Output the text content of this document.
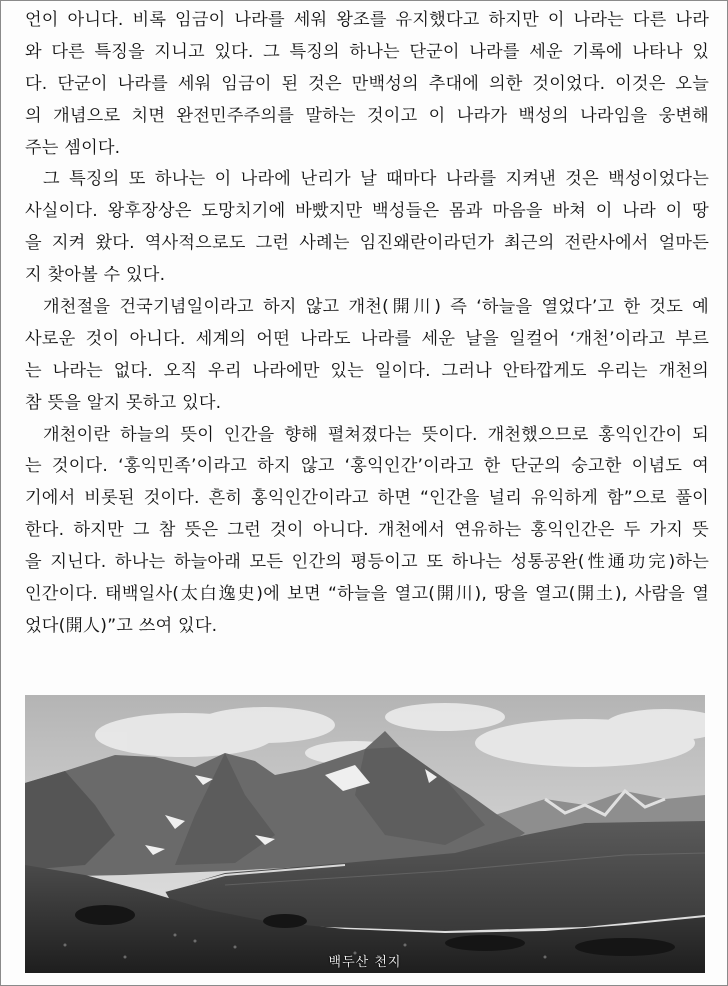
언이 아니다. 비록 임금이 나라를 세워 왕조를 유지했다고 하지만 이 나라는 다른 나라
와 다른 특징을 지니고 있다. 그 특징의 하나는 단군이 나라를 세운 기록에 나타나 있
다. 단군이 나라를 세워 임금이 된 것은 만백성의 추대에 의한 것이었다. 이것은 오늘
의 개념으로 치면 완전민주주의를 말하는 것이고 이 나라가 백성의 나라임을 웅변해
주는 셈이다.
그 특징의 또 하나는 이 나라에 난리가 날 때마다 나라를 지켜낸 것은 백성이었다는
사실이다. 왕후장상은 도망치기에 바빴지만 백성들은 몸과 마음을 바쳐 이 나라 이 땅
을 지켜 왔다. 역사적으로도 그런 사례는 임진왜란이라던가 최근의 전란사에서 얼마든
지 찾아볼 수 있다.
개천절을 건국기념일이라고 하지 않고 개천(開川) 즉 ‘하늘을 열었다’고 한 것도 예
사로운 것이 아니다. 세계의 어떤 나라도 나라를 세운 날을 일컬어 ‘개천’이라고 부르
는 나라는 없다. 오직 우리 나라에만 있는 일이다. 그러나 안타깝게도 우리는 개천의
참 뜻을 알지 못하고 있다.
개천이란 하늘의 뜻이 인간을 향해 펼쳐졌다는 뜻이다. 개천했으므로 홍익인간이 되
는 것이다. ‘홍익민족’이라고 하지 않고 ‘홍익인간’이라고 한 단군의 숭고한 이념도 여
기에서 비롯된 것이다. 흔히 홍익인간이라고 하면 “인간을 널리 유익하게 함”으로 풀이
한다. 하지만 그 참 뜻은 그런 것이 아니다. 개천에서 연유하는 홍익인간은 두 가지 뜻
을 지닌다. 하나는 하늘아래 모든 인간의 평등이고 또 하나는 성통공완(性通功完)하는
인간이다. 태백일사(太白逸史)에 보면 “하늘을 열고(開川), 땅을 열고(開土), 사람을 열
었다(開人)”고 쓰여 있다.
백두산 천지
